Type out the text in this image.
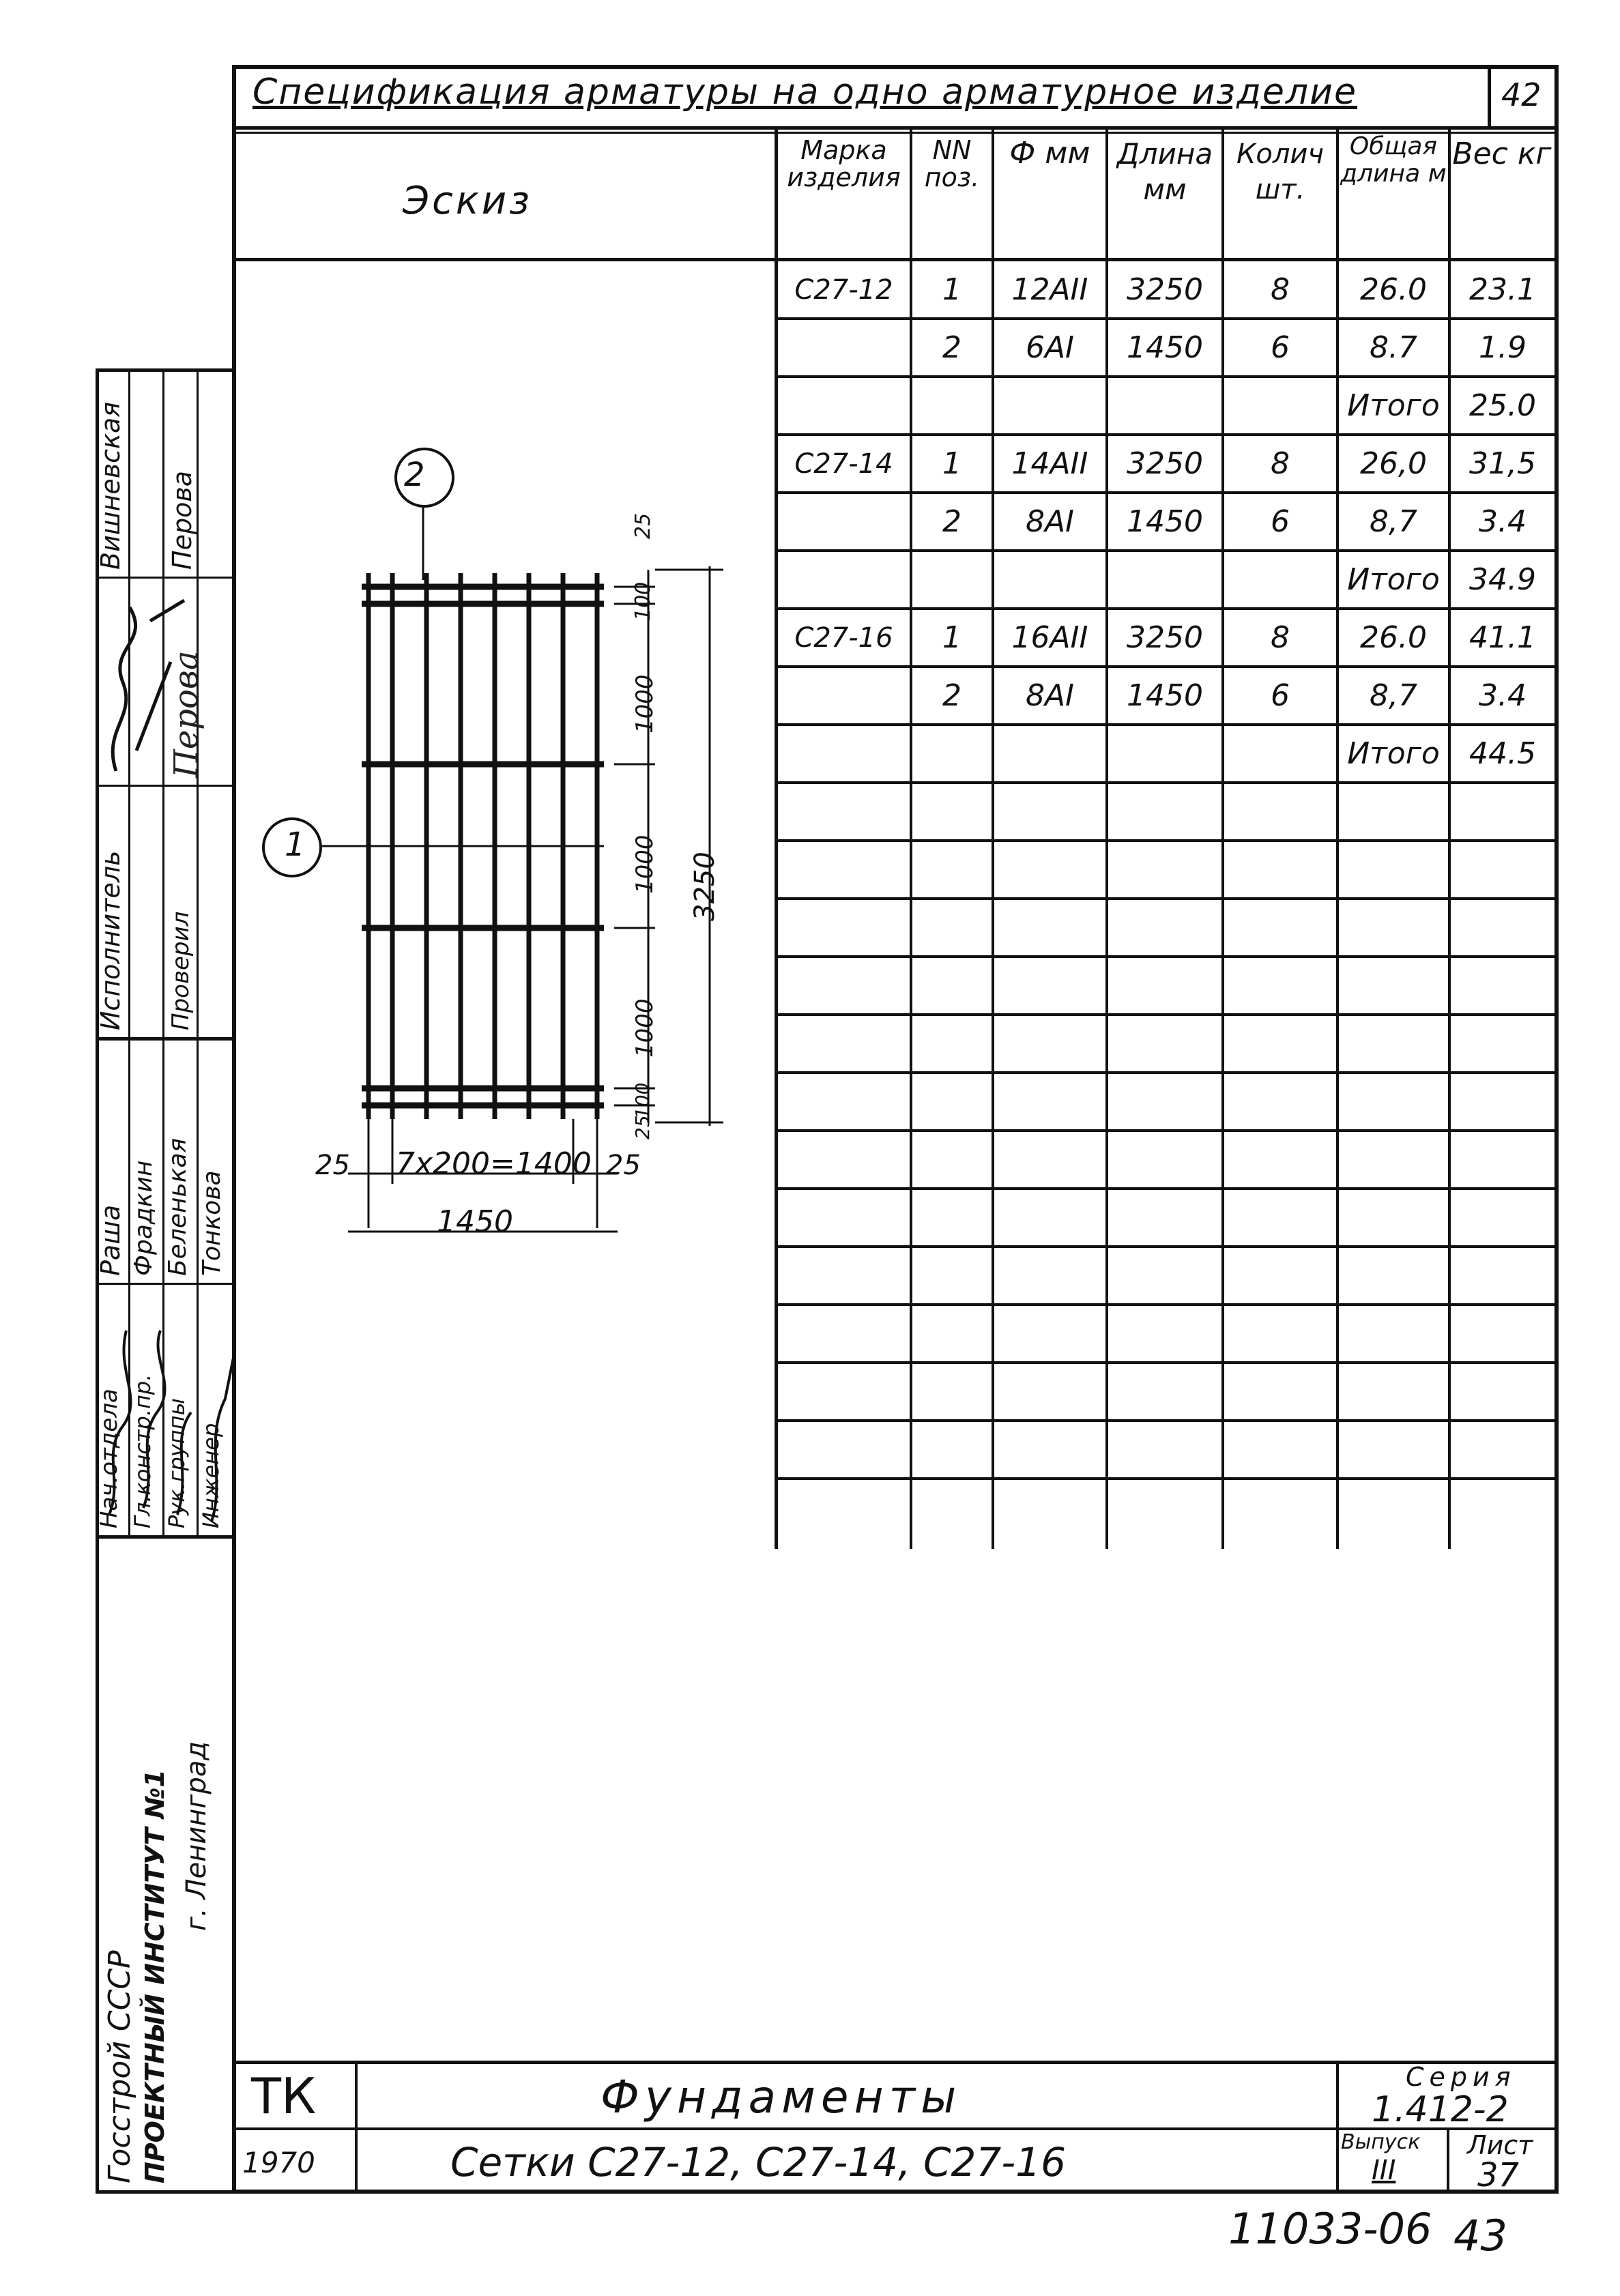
Спецификация арматуры на одно арматурное изделие	42
Эскиз
Марка изделия
NN поз.
Ф мм Длина мм
Колич шт.
Общая длина м
Вес кг
С27-12	1	12АII	3250	8	26.0	23.1
2	6АI	1450	6	8.7	1.9
Итого 25.0
С27-14	1	14АII	3250	8	26,0	31,5
2	8АI	1450	6	8,7	3.4
Итого 34.9
С27-16	1	16АII	3250	8	26.0	41.1
2	8АI	1450	6	8,7	3.4
Итого 44.5
2
1
25
100
1000
1000
1000
100
25
3250
25 7x200=1400 25
1450
Исполнитель Проверил
Вишневская Перова
Перова
Нач.отдела Гл.констр.пр. Рук.группы Инженер
Раша Фрадкин Беленькая Тонкова
Госстрой СССР ПРОЕКТНЫЙ ИНСТИТУТ №1 г. Ленинград
ТК
1970
Фундаменты
Сетки С27-12, С27-14, С27-16
Серия
1.412-2
Выпуск
III
Лист
37
11033-06 43
